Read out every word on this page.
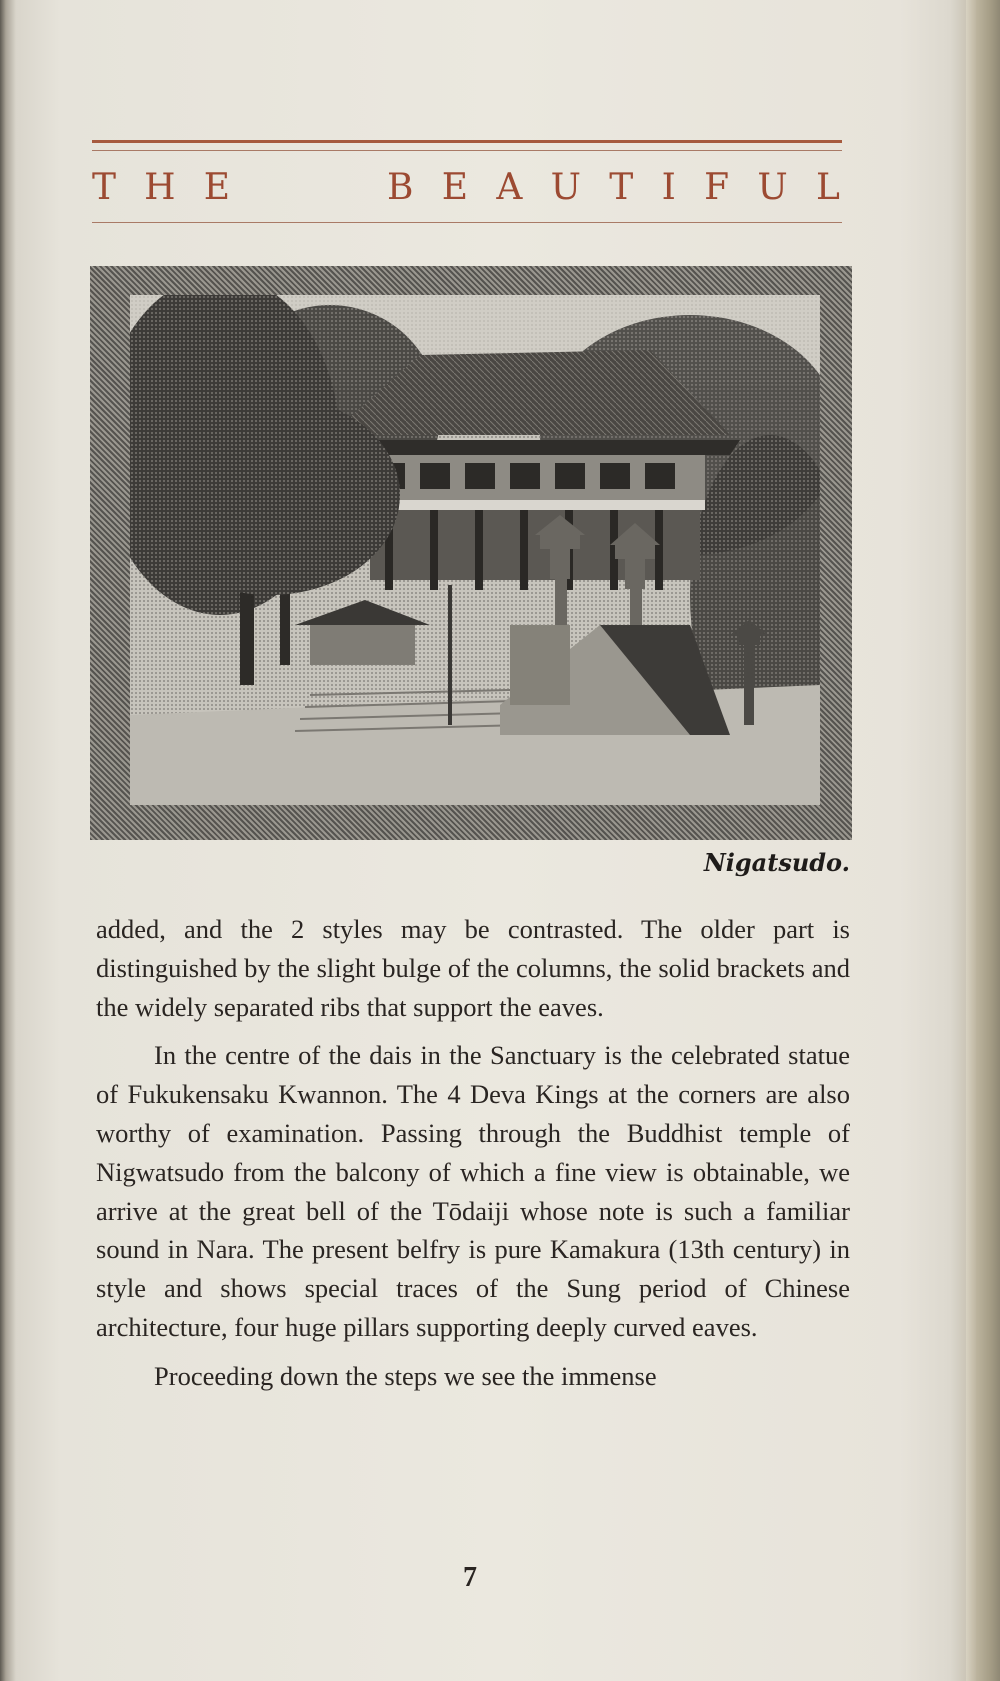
T H E	B E A U T I F U L
Nigatsudo.

added, and the 2 styles may be contrasted. The older part is distinguished by the slight bulge of the columns, the solid brackets and the widely separated ribs that support the eaves.

In the centre of the dais in the Sanctuary is the celebrated statue of Fukukensaku Kwannon. The 4 Deva Kings at the corners are also worthy of examination. Passing through the Buddhist temple of Nigwatsudo from the balcony of which a fine view is obtainable, we arrive at the great bell of the Tōdaiji whose note is such a familiar sound in Nara. The present belfry is pure Kamakura (13th century) in style and shows special traces of the Sung period of Chinese architecture, four huge pillars supporting deeply curved eaves.

Proceeding down the steps we see the immense

7
